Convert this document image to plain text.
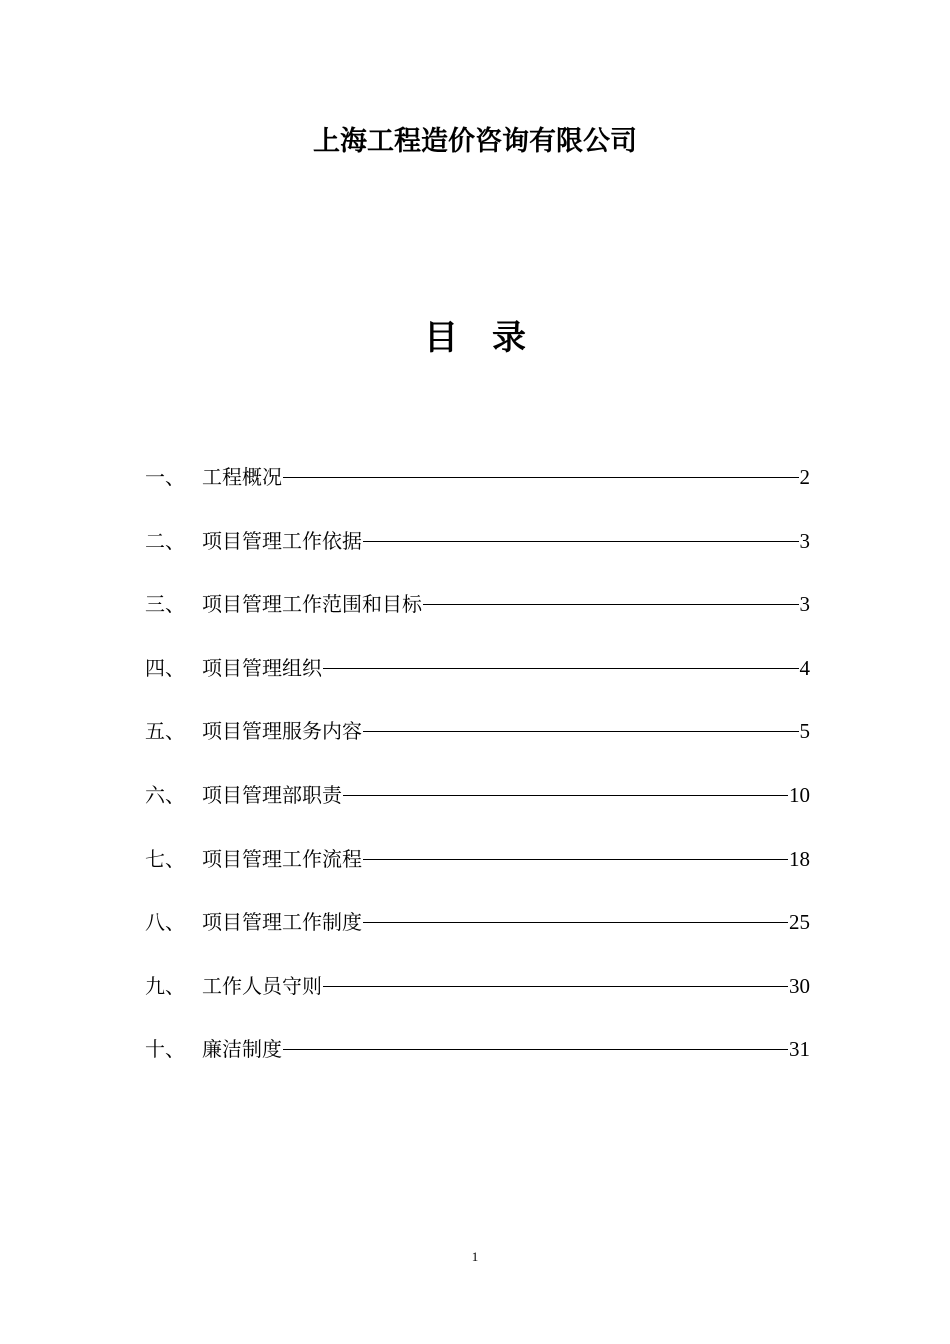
上海工程造价咨询有限公司
目 录
一、 工程概况	2
二、 项目管理工作依据	3
三、 项目管理工作范围和目标	3
四、 项目管理组织	4
五、 项目管理服务内容	5
六、 项目管理部职责	10
七、 项目管理工作流程	18
八、 项目管理工作制度	25
九、 工作人员守则	30
十、 廉洁制度	31
1
